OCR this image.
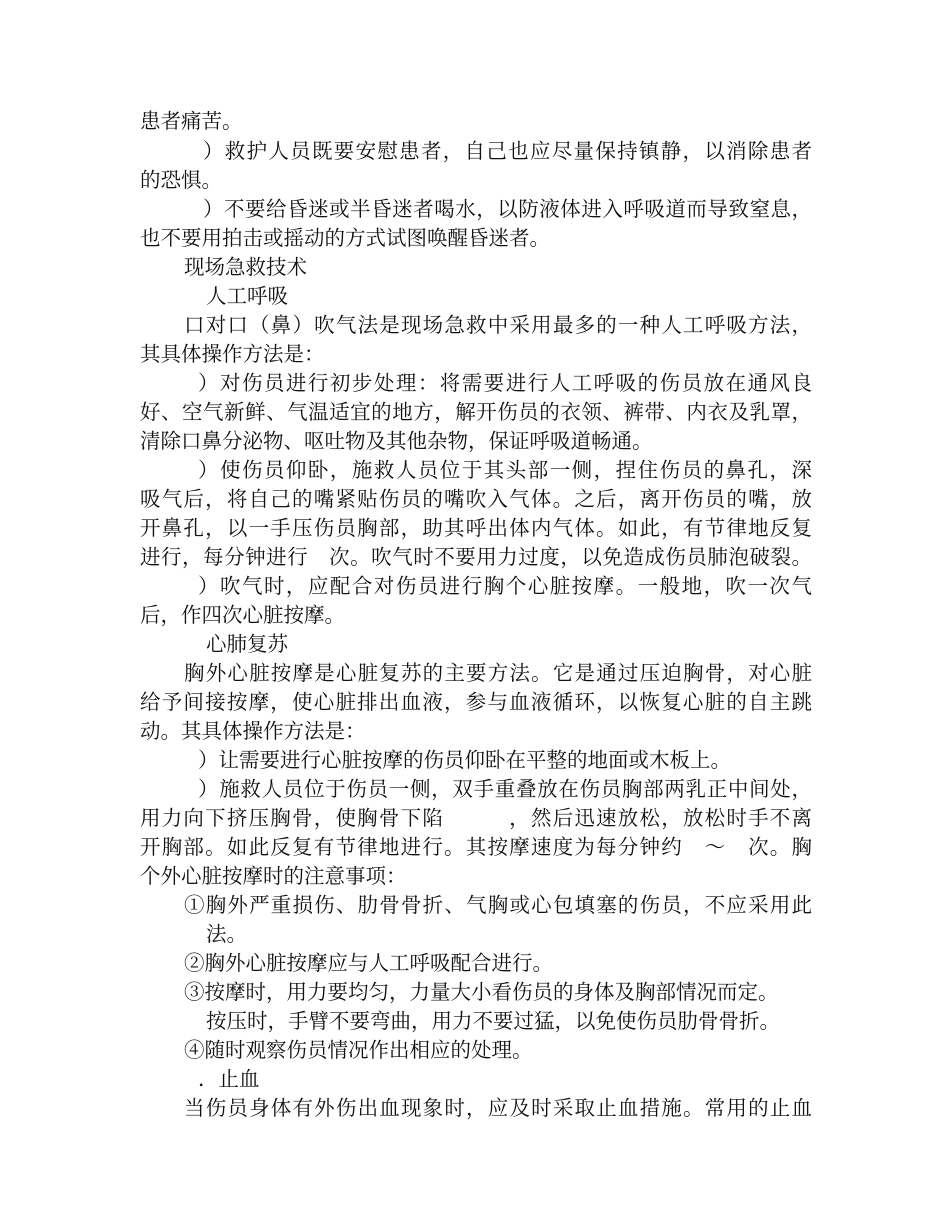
患者痛苦。
）救护人员既要安慰患者，自己也应尽量保持镇静，以消除患者
的恐惧。
）不要给昏迷或半昏迷者喝水，以防液体进入呼吸道而导致窒息，
也不要用拍击或摇动的方式试图唤醒昏迷者。
现场急救技术
人工呼吸
口对口（鼻）吹气法是现场急救中采用最多的一种人工呼吸方法，
其具体操作方法是：
）对伤员进行初步处理：将需要进行人工呼吸的伤员放在通风良
好、空气新鲜、气温适宜的地方，解开伤员的衣领、裤带、内衣及乳罩，
清除口鼻分泌物、呕吐物及其他杂物，保证呼吸道畅通。
）使伤员仰卧，施救人员位于其头部一侧，捏住伤员的鼻孔，深
吸气后，将自己的嘴紧贴伤员的嘴吹入气体。之后，离开伤员的嘴，放
开鼻孔，以一手压伤员胸部，助其呼出体内气体。如此，有节律地反复
进行，每分钟进行　次。吹气时不要用力过度，以免造成伤员肺泡破裂。
）吹气时，应配合对伤员进行胸个心脏按摩。一般地，吹一次气
后，作四次心脏按摩。
心肺复苏
胸外心脏按摩是心脏复苏的主要方法。它是通过压迫胸骨，对心脏
给予间接按摩，使心脏排出血液，参与血液循环，以恢复心脏的自主跳
动。其具体操作方法是：
）让需要进行心脏按摩的伤员仰卧在平整的地面或木板上。
）施救人员位于伤员一侧，双手重叠放在伤员胸部两乳正中间处，
用力向下挤压胸骨，使胸骨下陷　　　，然后迅速放松，放松时手不离
开胸部。如此反复有节律地进行。其按摩速度为每分钟约　～　次。胸
个外心脏按摩时的注意事项：
①胸外严重损伤、肋骨骨折、气胸或心包填塞的伤员，不应采用此
法。
②胸外心脏按摩应与人工呼吸配合进行。
③按摩时，用力要均匀，力量大小看伤员的身体及胸部情况而定。
按压时，手臂不要弯曲，用力不要过猛，以免使伤员肋骨骨折。
④随时观察伤员情况作出相应的处理。
．止血
当伤员身体有外伤出血现象时，应及时采取止血措施。常用的止血
